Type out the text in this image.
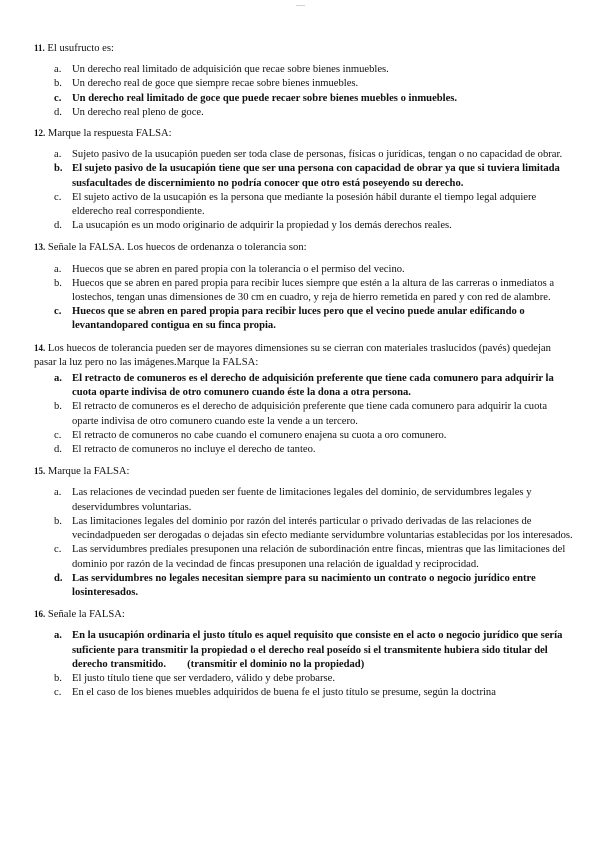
___
11. El usufructo es:
a. Un derecho real limitado de adquisición que recae sobre bienes inmuebles.
b. Un derecho real de goce que siempre recae sobre bienes inmuebles.
c. Un derecho real limitado de goce que puede recaer sobre bienes muebles o inmuebles.
d. Un derecho real pleno de goce.
12. Marque la respuesta FALSA:
a. Sujeto pasivo de la usucapión pueden ser toda clase de personas, físicas o jurídicas, tengan o no capacidad de obrar.
b. El sujeto pasivo de la usucapión tiene que ser una persona con capacidad de obrar ya que si tuviera limitada susfacultades de discernimiento no podría conocer que otro está poseyendo su derecho.
c. El sujeto activo de la usucapión es la persona que mediante la posesión hábil durante el tiempo legal adquiere elderecho real correspondiente.
d. La usucapión es un modo originario de adquirir la propiedad y los demás derechos reales.
13. Señale la FALSA. Los huecos de ordenanza o tolerancia son:
a. Huecos que se abren en pared propia con la tolerancia o el permiso del vecino.
b. Huecos que se abren en pared propia para recibir luces siempre que estén a la altura de las carreras o inmediatos a lostechos, tengan unas dimensiones de 30 cm en cuadro, y reja de hierro remetida en pared y con red de alambre.
c. Huecos que se abren en pared propia para recibir luces pero que el vecino puede anular edificando o levantandopared contigua en su finca propia.
14. Los huecos de tolerancia pueden ser de mayores dimensiones su se cierran con materiales traslucidos (pavés) quedejan pasar la luz pero no las imágenes.Marque la FALSA:
a. El retracto de comuneros es el derecho de adquisición preferente que tiene cada comunero para adquirir la cuota oparte indivisa de otro comunero cuando éste la dona a otra persona.
b. El retracto de comuneros es el derecho de adquisición preferente que tiene cada comunero para adquirir la cuota oparte indivisa de otro comunero cuando este la vende a un tercero.
c. El retracto de comuneros no cabe cuando el comunero enajena su cuota a oro comunero.
d. El retracto de comuneros no incluye el derecho de tanteo.
15. Marque la FALSA:
a. Las relaciones de vecindad pueden ser fuente de limitaciones legales del dominio, de servidumbres legales y deservidumbres voluntarias.
b. Las limitaciones legales del dominio por razón del interés particular o privado derivadas de las relaciones de vecindadpueden ser derogadas o dejadas sin efecto mediante servidumbre voluntarias establecidas por los interesados.
c. Las servidumbres prediales presuponen una relación de subordinación entre fincas, mientras que las limitaciones del dominio por razón de la vecindad de fincas presuponen una relación de igualdad y reciprocidad.
d. Las servidumbres no legales necesitan siempre para su nacimiento un contrato o negocio jurídico entre losinteresados.
16. Señale la FALSA:
a. En la usucapión ordinaria el justo título es aquel requisito que consiste en el acto o negocio jurídico que sería suficiente para transmitir la propiedad o el derecho real poseído si el transmitente hubiera sido titular del derecho transmitido.        (transmitir el dominio no la propiedad)
b. El justo título tiene que ser verdadero, válido y debe probarse.
c. En el caso de los bienes muebles adquiridos de buena fe el justo título se presume, según la doctrina
